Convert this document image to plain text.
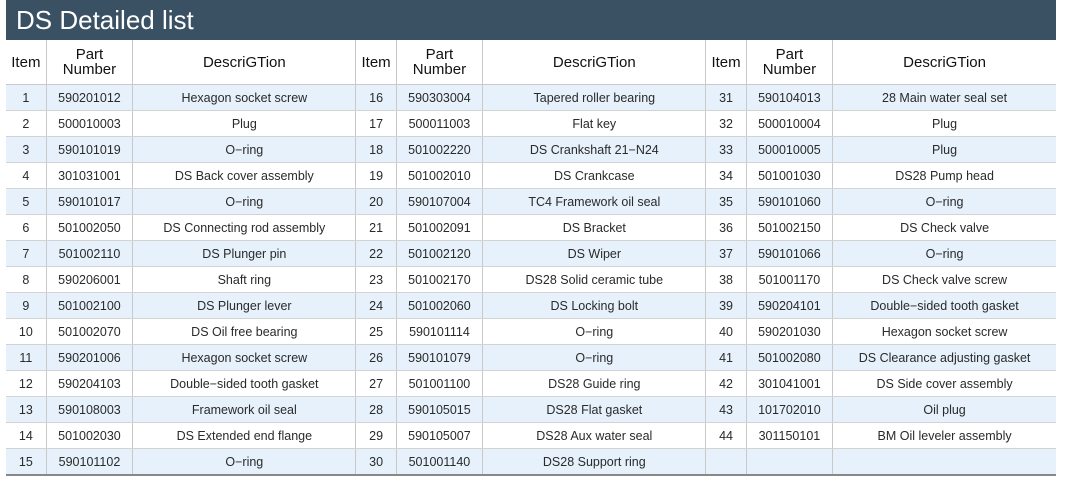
DS Detailed list
Item	Part Number	DescriGTion	Item	Part Number	DescriGTion	Item	Part Number	DescriGTion
1	590201012	Hexagon socket screw	16	590303004	Tapered roller bearing	31	590104013	28 Main water seal set
2	500010003	Plug	17	500011003	Flat key	32	500010004	Plug
3	590101019	O−ring	18	501002220	DS Crankshaft 21−N24	33	500010005	Plug
4	301031001	DS Back cover assembly	19	501002010	DS Crankcase	34	501001030	DS28 Pump head
5	590101017	O−ring	20	590107004	TC4 Framework oil seal	35	590101060	O−ring
6	501002050	DS Connecting rod assembly	21	501002091	DS Bracket	36	501002150	DS Check valve
7	501002110	DS Plunger pin	22	501002120	DS Wiper	37	590101066	O−ring
8	590206001	Shaft ring	23	501002170	DS28 Solid ceramic tube	38	501001170	DS Check valve screw
9	501002100	DS Plunger lever	24	501002060	DS Locking bolt	39	590204101	Double−sided tooth gasket
10	501002070	DS Oil free bearing	25	590101114	O−ring	40	590201030	Hexagon socket screw
11	590201006	Hexagon socket screw	26	590101079	O−ring	41	501002080	DS Clearance adjusting gasket
12	590204103	Double−sided tooth gasket	27	501001100	DS28 Guide ring	42	301041001	DS Side cover assembly
13	590108003	Framework oil seal	28	590105015	DS28 Flat gasket	43	101702010	Oil plug
14	501002030	DS Extended end flange	29	590105007	DS28 Aux water seal	44	301150101	BM Oil leveler assembly
15	590101102	O−ring	30	501001140	DS28 Support ring			
